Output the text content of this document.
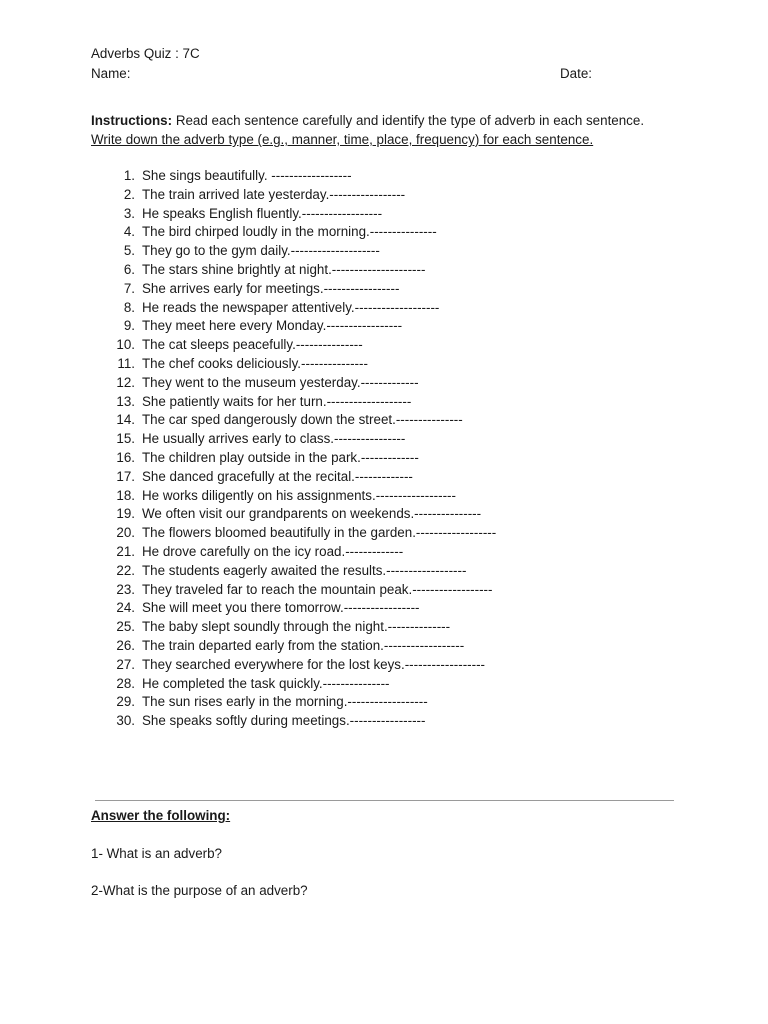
Adverbs Quiz : 7C
Name:	Date:
Instructions: Read each sentence carefully and identify the type of adverb in each sentence.
Write down the adverb type (e.g., manner, time, place, frequency) for each sentence.
1. She sings beautifully. ------------------
2. The train arrived late yesterday.-----------------
3. He speaks English fluently.------------------
4. The bird chirped loudly in the morning.---------------
5. They go to the gym daily.--------------------
6. The stars shine brightly at night.---------------------
7. She arrives early for meetings.-----------------
8. He reads the newspaper attentively.-------------------
9. They meet here every Monday.-----------------
10. The cat sleeps peacefully.---------------
11. The chef cooks deliciously.---------------
12. They went to the museum yesterday.-------------
13. She patiently waits for her turn.-------------------
14. The car sped dangerously down the street.---------------
15. He usually arrives early to class.----------------
16. The children play outside in the park.-------------
17. She danced gracefully at the recital.-------------
18. He works diligently on his assignments.------------------
19. We often visit our grandparents on weekends.---------------
20. The flowers bloomed beautifully in the garden.------------------
21. He drove carefully on the icy road.-------------
22. The students eagerly awaited the results.------------------
23. They traveled far to reach the mountain peak.------------------
24. She will meet you there tomorrow.-----------------
25. The baby slept soundly through the night.--------------
26. The train departed early from the station.------------------
27. They searched everywhere for the lost keys.------------------
28. He completed the task quickly.---------------
29. The sun rises early in the morning.------------------
30. She speaks softly during meetings.-----------------
Answer the following:
1- What is an adverb?
2-What is the purpose of an adverb?
